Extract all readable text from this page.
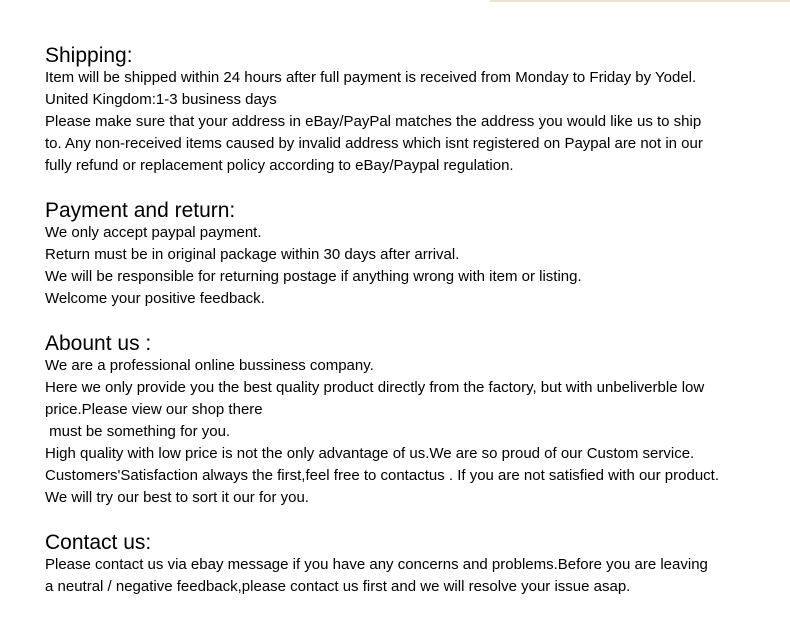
Shipping:
Item will be shipped within 24 hours after full payment is received from Monday to Friday by Yodel.
United Kingdom:1-3 business days
Please make sure that your address in eBay/PayPal matches the address you would like us to ship
to. Any non-received items caused by invalid address which isnt registered on Paypal are not in our
fully refund or replacement policy according to eBay/Paypal regulation.
Payment and return:
We only accept paypal payment.
Return must be in original package within 30 days after arrival.
We will be responsible for returning postage if anything wrong with item or listing.
Welcome your positive feedback.
Abount us :
We are a professional online bussiness company.
Here we only provide you the best quality product directly from the factory, but with unbeliverble low
price.Please view our shop there
must be something for you.
High quality with low price is not the only advantage of us.We are so proud of our Custom service.
Customers'Satisfaction always the first,feel free to contactus . If you are not satisfied with our product.
We will try our best to sort it our for you.
Contact us:
Please contact us via ebay message if you have any concerns and problems.Before you are leaving
a neutral / negative feedback,please contact us first and we will resolve your issue asap.
